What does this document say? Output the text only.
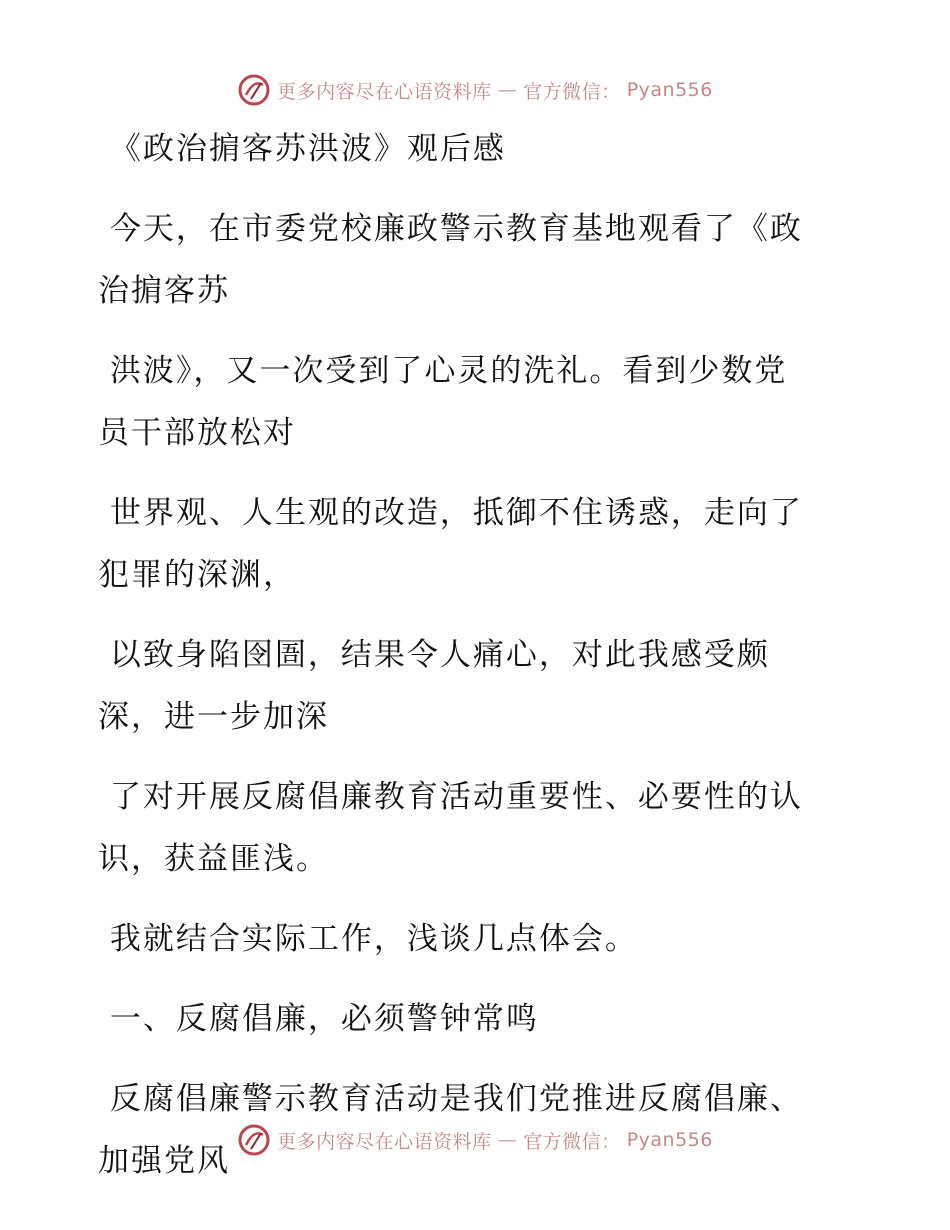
更多内容尽在心语资料库 — 官方微信： Pyan556

《政治掮客苏洪波》观后感

今天，在市委党校廉政警示教育基地观看了《政
治掮客苏

洪波》，又一次受到了心灵的洗礼。看到少数党
员干部放松对

世界观、人生观的改造，抵御不住诱惑，走向了
犯罪的深渊，

以致身陷囹圄，结果令人痛心，对此我感受颇
深，进一步加深

了对开展反腐倡廉教育活动重要性、必要性的认
识，获益匪浅。

我就结合实际工作，浅谈几点体会。

一、反腐倡廉，必须警钟常鸣

反腐倡廉警示教育活动是我们党推进反腐倡廉、
加强党风

更多内容尽在心语资料库 — 官方微信： Pyan556
